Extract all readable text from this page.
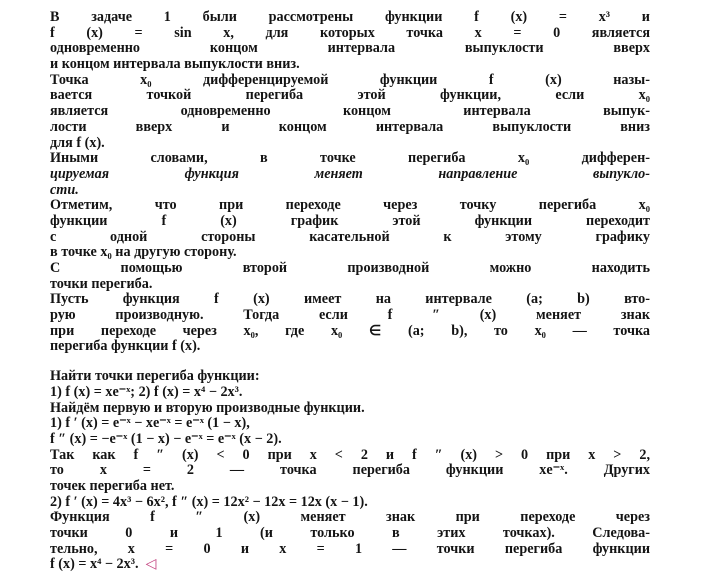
В задаче 1 были рассмотрены функции f (x) = x³ и
f (x) = sin x, для которых точка x = 0 является
одновременно концом интервала выпуклости вверх
и концом интервала выпуклости вниз.
Точка x₀ дифференцируемой функции f (x) назы-
вается точкой перегиба этой функции, если x₀
является одновременно концом интервала выпук-
лости вверх и концом интервала выпуклости вниз
для f (x).
Иными словами, в точке перегиба x₀ дифферен-
цируемая функция меняет направление выпукло-
сти.
Отметим, что при переходе через точку перегиба x₀
функции f (x) график этой функции переходит
с одной стороны касательной к этому графику
в точке x₀ на другую сторону.
С помощью второй производной можно находить
точки перегиба.
Пусть функция f (x) имеет на интервале (a; b) вто-
рую производную. Тогда если f ″ (x) меняет знак
при переходе через x₀, где x₀ ∈ (a; b), то x₀ — точка
перегиба функции f (x).
Найти точки перегиба функции:
1) f (x) = xe⁻ˣ; 2) f (x) = x⁴ − 2x³.
Найдём первую и вторую производные функции.
1) f ′ (x) = e⁻ˣ − xe⁻ˣ = e⁻ˣ (1 − x),
f ″ (x) = −e⁻ˣ (1 − x) − e⁻ˣ = e⁻ˣ (x − 2).
Так как f ″ (x) < 0 при x < 2 и f ″ (x) > 0 при x > 2,
то x = 2 — точка перегиба функции xe⁻ˣ. Других
точек перегиба нет.
2) f ′ (x) = 4x³ − 6x², f ″ (x) = 12x² − 12x = 12x (x − 1).
Функция f ″ (x) меняет знак при переходе через
точки 0 и 1 (и только в этих точках). Следова-
тельно, x = 0 и x = 1 — точки перегиба функции
f (x) = x⁴ − 2x³. ◁
